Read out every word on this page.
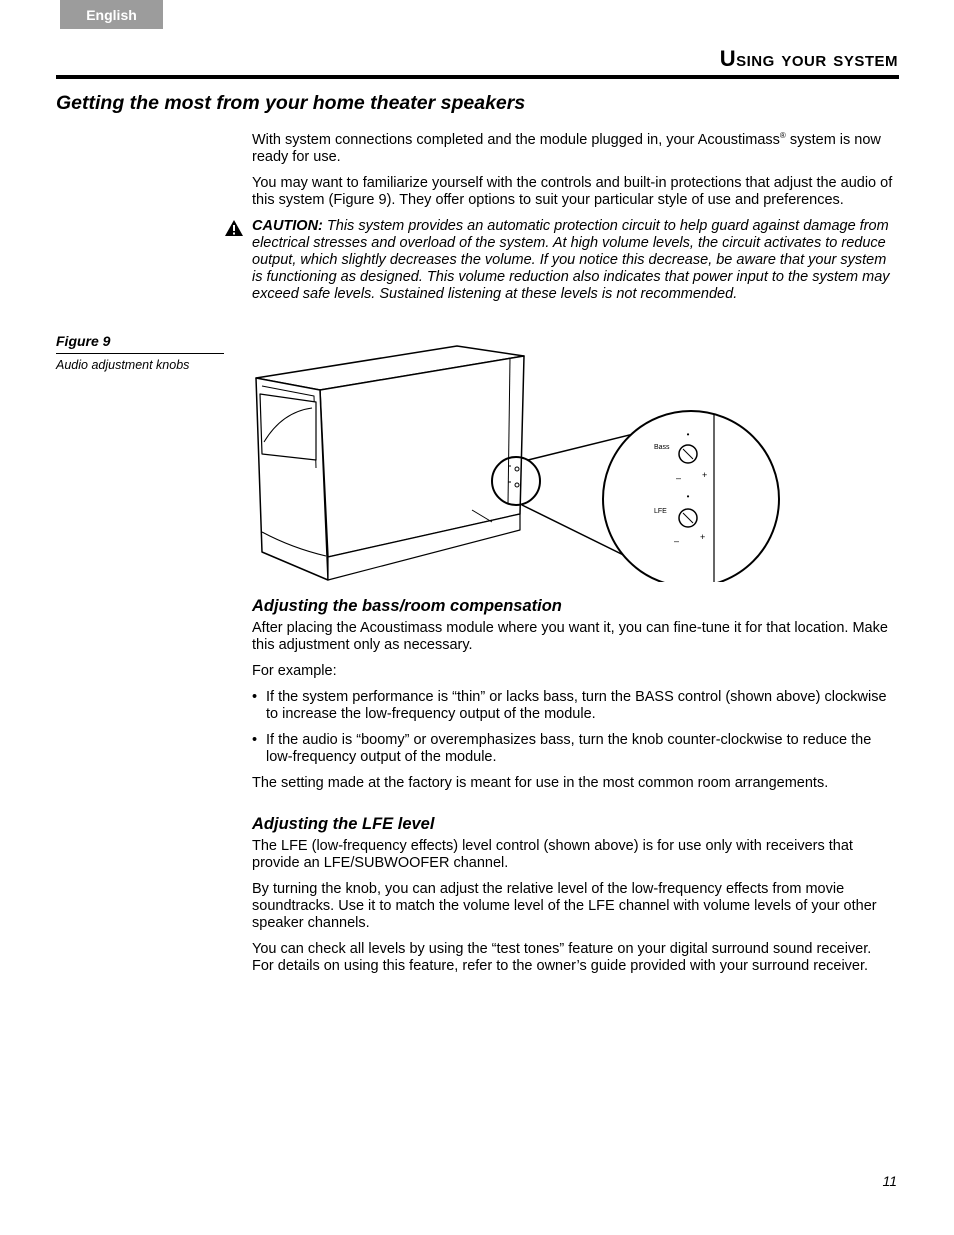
English
Using your system
Getting the most from your home theater speakers

With system connections completed and the module plugged in, your Acoustimass® system is now ready for use.

You may want to familiarize yourself with the controls and built-in protections that adjust the audio of this system (Figure 9). They offer options to suit your particular style of use and preferences.

CAUTION: This system provides an automatic protection circuit to help guard against damage from electrical stresses and overload of the system. At high volume levels, the circuit activates to reduce output, which slightly decreases the volume. If you notice this decrease, be aware that your system is functioning as designed. This volume reduction also indicates that power input to the system may exceed safe levels. Sustained listening at these levels is not recommended.

Figure 9
Audio adjustment knobs
Bass
LFE
•
•
– +
– +
Adjusting the bass/room compensation

After placing the Acoustimass module where you want it, you can fine-tune it for that location. Make this adjustment only as necessary.

For example:

• If the system performance is “thin” or lacks bass, turn the BASS control (shown above) clockwise to increase the low-frequency output of the module.
• If the audio is “boomy” or overemphasizes bass, turn the knob counter-clockwise to reduce the low-frequency output of the module.

The setting made at the factory is meant for use in the most common room arrangements.

Adjusting the LFE level

The LFE (low-frequency effects) level control (shown above) is for use only with receivers that provide an LFE/SUBWOOFER channel.

By turning the knob, you can adjust the relative level of the low-frequency effects from movie soundtracks. Use it to match the volume level of the LFE channel with volume levels of your other speaker channels.

You can check all levels by using the “test tones” feature on your digital surround sound receiver. For details on using this feature, refer to the owner’s guide provided with your surround receiver.

11
